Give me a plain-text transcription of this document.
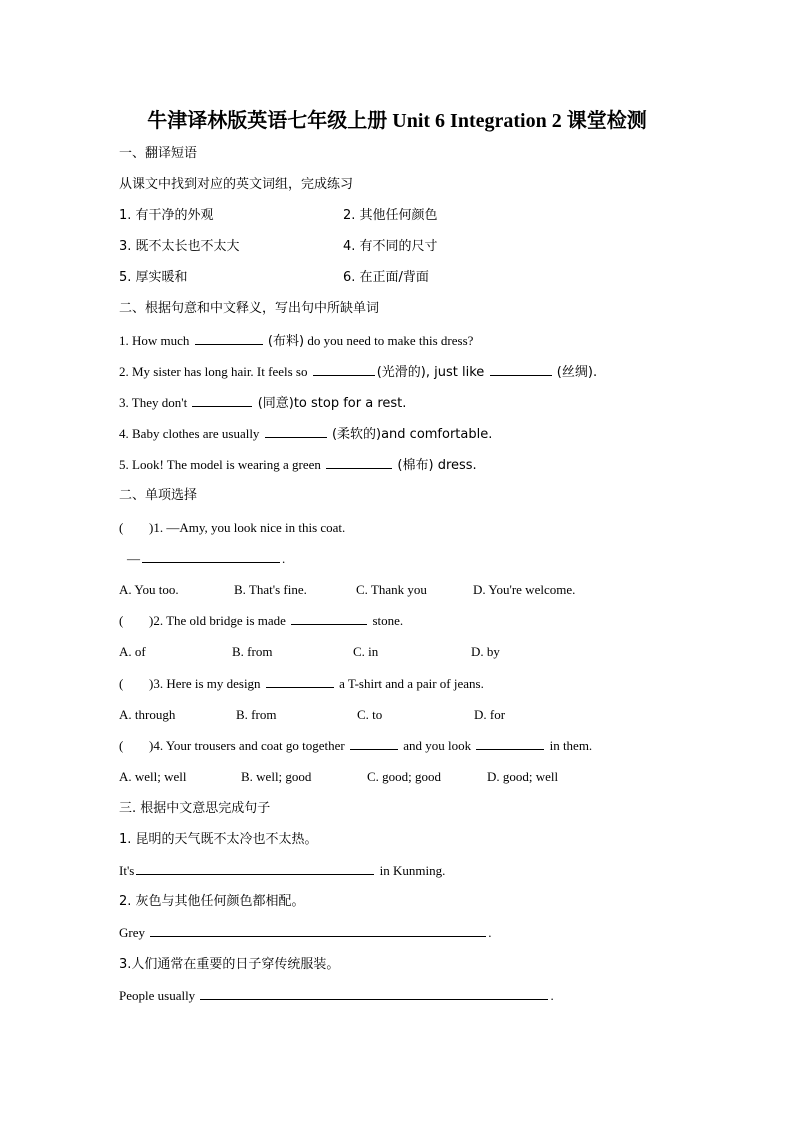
牛津译林版英语七年级上册 Unit 6 Integration 2 课堂检测
一、翻译短语
从课文中找到对应的英文词组，完成练习
1. 有干净的外观	2. 其他任何颜色
3. 既不太长也不太大	4. 有不同的尺寸
5. 厚实暖和	6. 在正面/背面
二、根据句意和中文释义，写出句中所缺单词
1. How much	(布料) do you need to make this dress?
2. My sister has long hair. It feels so	(光滑的), just like	(丝绸).
3. They don't	(同意)to stop for a rest.
4. Baby clothes are usually	(柔软的)and comfortable.
5. Look! The model is wearing a green	(棉布) dress.
二、单项选择
( )1. —Amy, you look nice in this coat.
—	.
A. You too.	B. That's fine.	C. Thank you	D. You're welcome.
( )2. The old bridge is made	stone.
A. of	B. from	C. in	D. by
( )3. Here is my design	a T-shirt and a pair of jeans.
A. through	B. from	C. to	D. for
( )4. Your trousers and coat go together	and you look	in them.
A. well; well	B. well; good	C. good; good	D. good; well
三. 根据中文意思完成句子
1. 昆明的天气既不太冷也不太热。
It's	in Kunming.
2. 灰色与其他任何颜色都相配。
Grey	.
3.人们通常在重要的日子穿传统服装。
People usually	.
